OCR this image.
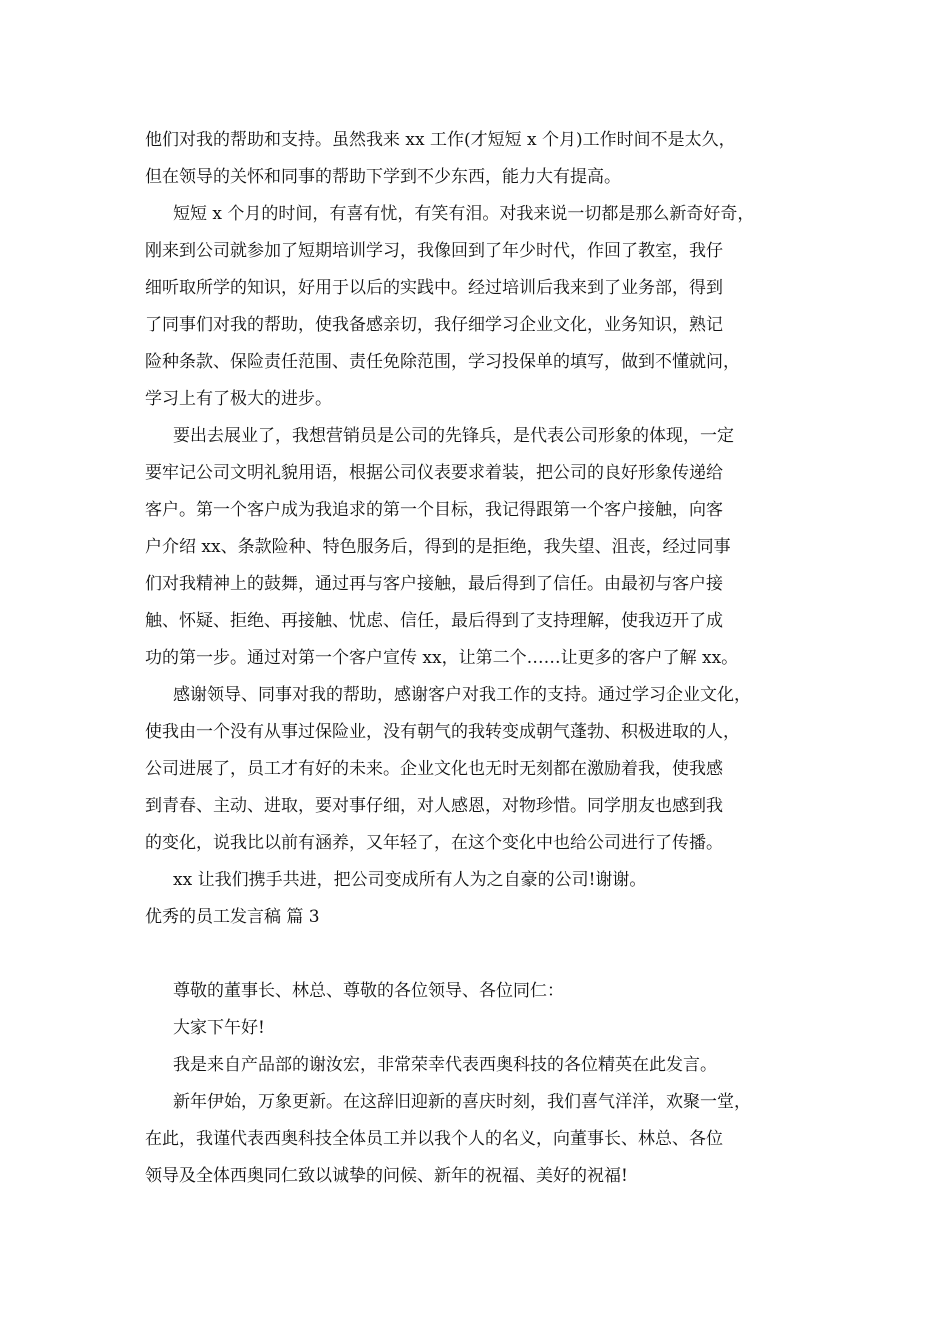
他们对我的帮助和支持。虽然我来 xx 工作(才短短 x 个月)工作时间不是太久，
但在领导的关怀和同事的帮助下学到不少东西，能力大有提高。
短短 x 个月的时间，有喜有忧，有笑有泪。对我来说一切都是那么新奇好奇，
刚来到公司就参加了短期培训学习，我像回到了年少时代，作回了教室，我仔
细听取所学的知识，好用于以后的实践中。经过培训后我来到了业务部，得到
了同事们对我的帮助，使我备感亲切，我仔细学习企业文化，业务知识，熟记
险种条款、保险责任范围、责任免除范围，学习投保单的填写，做到不懂就问，
学习上有了极大的进步。
要出去展业了，我想营销员是公司的先锋兵，是代表公司形象的体现，一定
要牢记公司文明礼貌用语，根据公司仪表要求着装，把公司的良好形象传递给
客户。第一个客户成为我追求的第一个目标，我记得跟第一个客户接触，向客
户介绍 xx、条款险种、特色服务后，得到的是拒绝，我失望、沮丧，经过同事
们对我精神上的鼓舞，通过再与客户接触，最后得到了信任。由最初与客户接
触、怀疑、拒绝、再接触、忧虑、信任，最后得到了支持理解，使我迈开了成
功的第一步。通过对第一个客户宣传 xx，让第二个……让更多的客户了解 xx。
感谢领导、同事对我的帮助，感谢客户对我工作的支持。通过学习企业文化，
使我由一个没有从事过保险业，没有朝气的我转变成朝气蓬勃、积极进取的人，
公司进展了，员工才有好的未来。企业文化也无时无刻都在激励着我，使我感
到青春、主动、进取，要对事仔细，对人感恩，对物珍惜。同学朋友也感到我
的变化，说我比以前有涵养，又年轻了，在这个变化中也给公司进行了传播。
xx 让我们携手共进，把公司变成所有人为之自豪的公司!谢谢。
优秀的员工发言稿 篇 3
尊敬的董事长、林总、尊敬的各位领导、各位同仁：
大家下午好!
我是来自产品部的谢汝宏，非常荣幸代表西奥科技的各位精英在此发言。
新年伊始，万象更新。在这辞旧迎新的喜庆时刻，我们喜气洋洋，欢聚一堂，
在此，我谨代表西奥科技全体员工并以我个人的名义，向董事长、林总、各位
领导及全体西奥同仁致以诚挚的问候、新年的祝福、美好的祝福!
